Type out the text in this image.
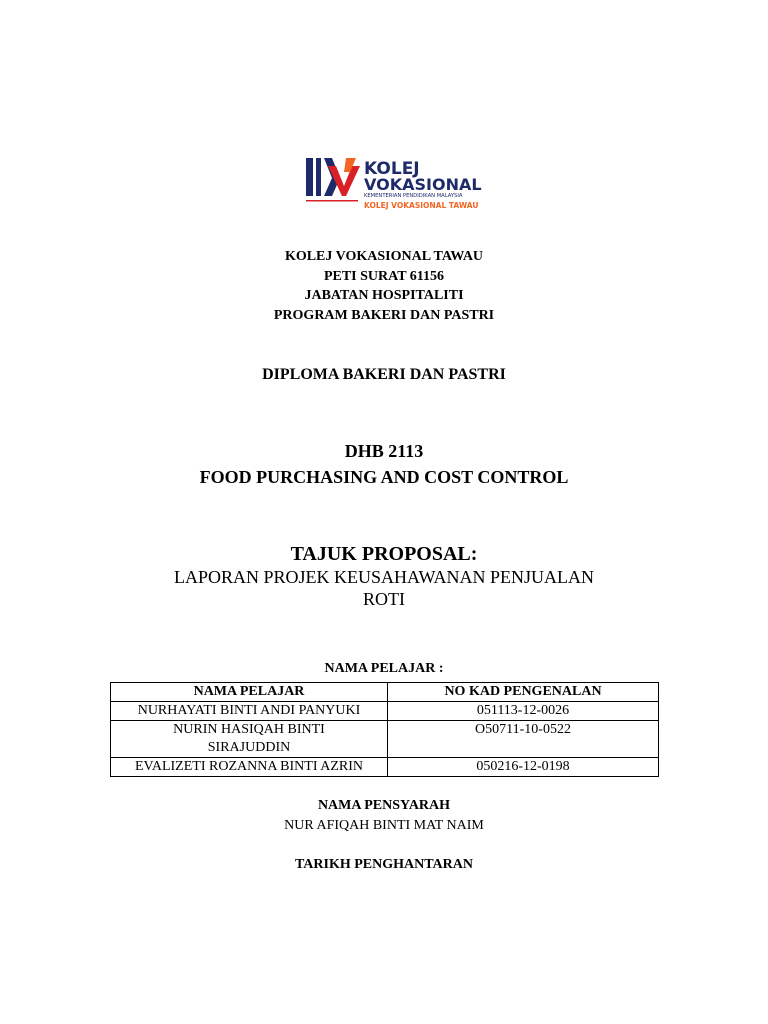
KOLEJ
VOKASIONAL
KEMENTERIAN PENDIDIKAN MALAYSIA
KOLEJ VOKASIONAL TAWAU
KOLEJ VOKASIONAL TAWAU
PETI SURAT 61156
JABATAN HOSPITALITI
PROGRAM BAKERI DAN PASTRI
DIPLOMA BAKERI DAN PASTRI
DHB 2113
FOOD PURCHASING AND COST CONTROL
TAJUK PROPOSAL:
LAPORAN PROJEK KEUSAHAWANAN PENJUALAN
ROTI
NAMA PELAJAR :
NAMA PELAJAR	NO KAD PENGENALAN
NURHAYATI BINTI ANDI PANYUKI	051113-12-0026

NURIN HASIQAH BINTI
SIRAJUDDIN	O50711-10-0522
EVALIZETI ROZANNA BINTI AZRIN	050216-12-0198
NAMA PENSYARAH
NUR AFIQAH BINTI MAT NAIM
TARIKH PENGHANTARAN
